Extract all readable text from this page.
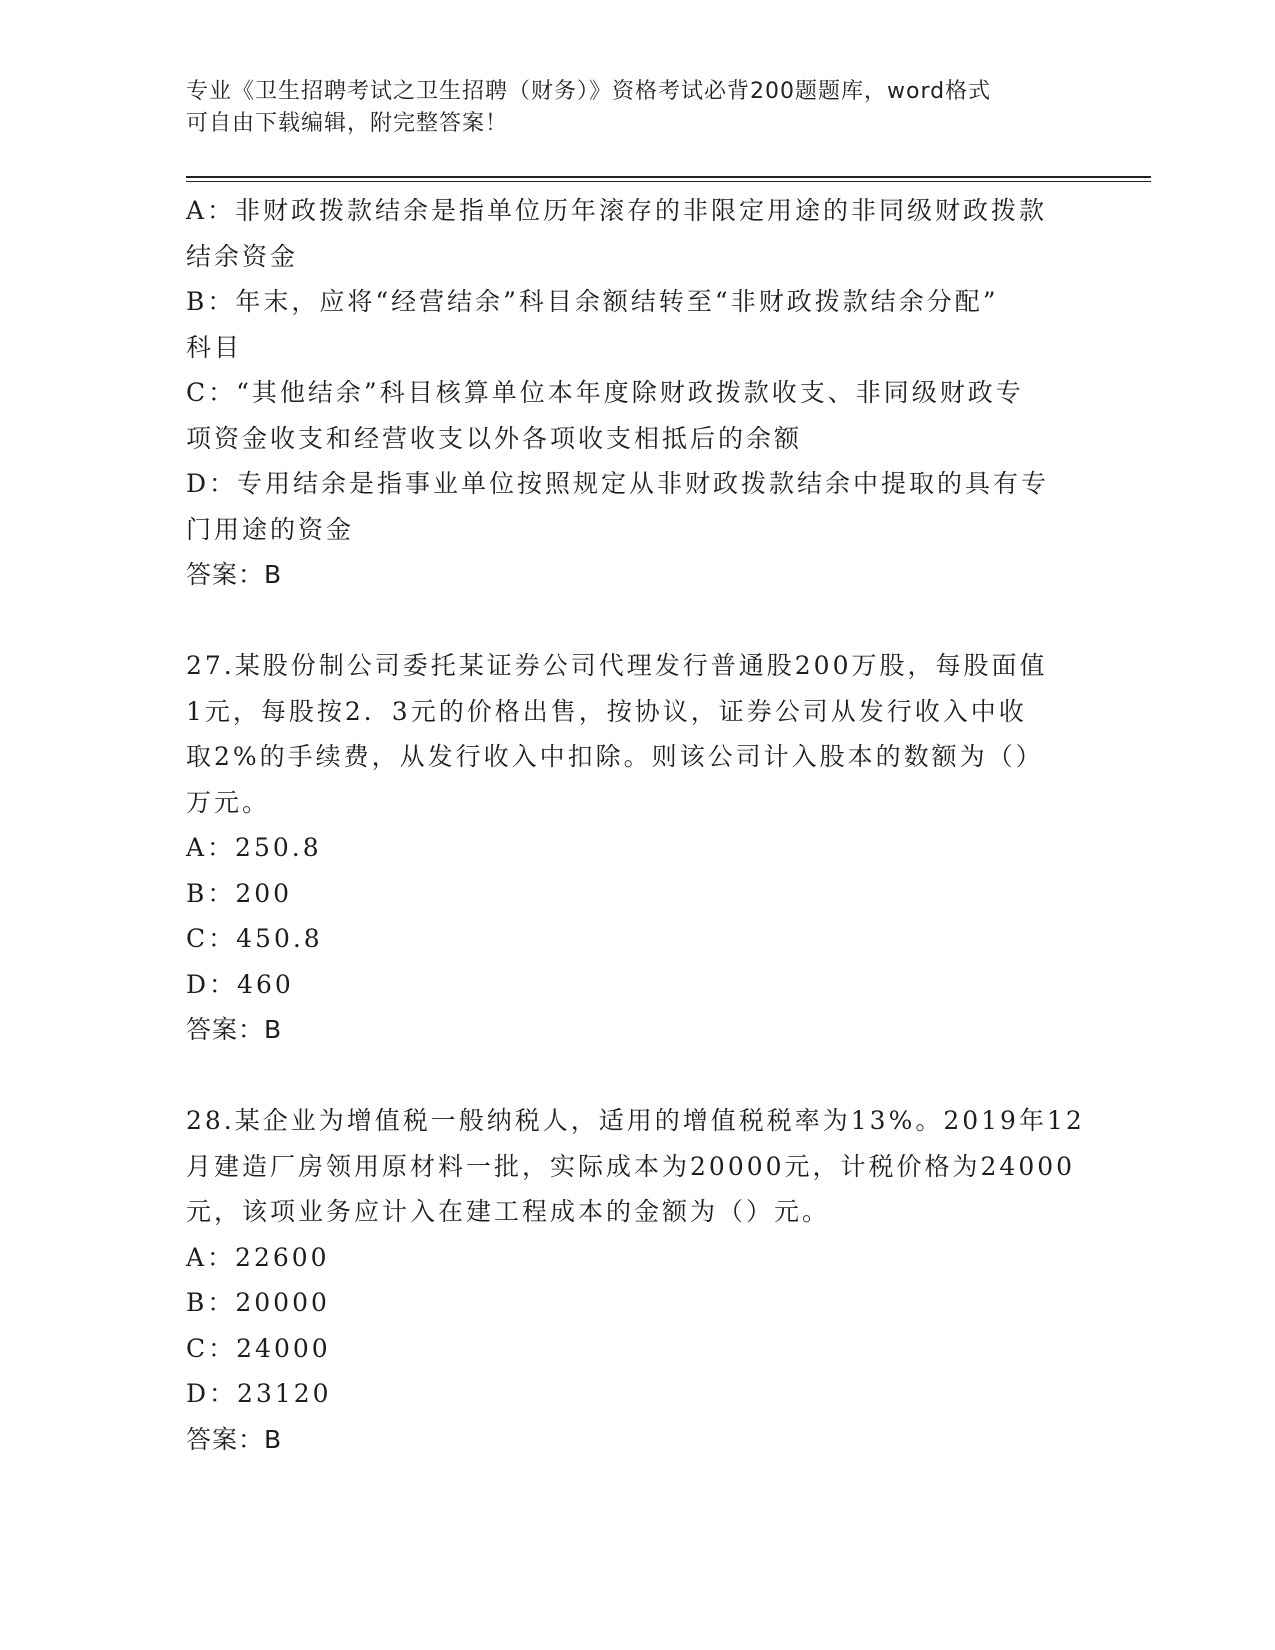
专业《卫生招聘考试之卫生招聘（财务）》资格考试必背200题题库，word格式
可自由下载编辑，附完整答案！
A：非财政拨款结余是指单位历年滚存的非限定用途的非同级财政拨款
结余资金
B：年末，应将“经营结余”科目余额结转至“非财政拨款结余分配”
科目
C：“其他结余”科目核算单位本年度除财政拨款收支、非同级财政专
项资金收支和经营收支以外各项收支相抵后的余额
D：专用结余是指事业单位按照规定从非财政拨款结余中提取的具有专
门用途的资金
答案：B
27.某股份制公司委托某证券公司代理发行普通股200万股，每股面值
1元，每股按2．3元的价格出售，按协议，证券公司从发行收入中收
取2%的手续费，从发行收入中扣除。则该公司计入股本的数额为（）
万元。
A：250.8
B：200
C：450.8
D：460
答案：B
28.某企业为增值税一般纳税人，适用的增值税税率为13%。2019年12
月建造厂房领用原材料一批，实际成本为20000元，计税价格为24000
元，该项业务应计入在建工程成本的金额为（）元。
A：22600
B：20000
C：24000
D：23120
答案：B
